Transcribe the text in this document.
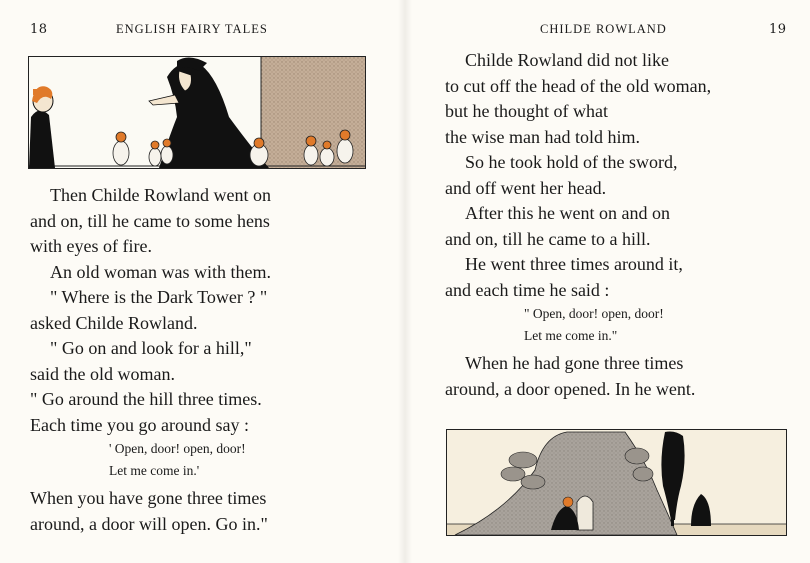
18	ENGLISH FAIRY TALES
Then Childe Rowland went on
and on, till he came to some hens
with eyes of fire.
An old woman was with them.
" Where is the Dark Tower ? "
asked Childe Rowland.
" Go on and look for a hill,"
said the old woman.
" Go around the hill three times.
Each time you go around say :
' Open, door! open, door!
Let me come in.'
When you have gone three times
around, a door will open. Go in."
CHILDE ROWLAND	19
Childe Rowland did not like
to cut off the head of the old woman,
but he thought of what
the wise man had told him.
So he took hold of the sword,
and off went her head.
After this he went on and on
and on, till he came to a hill.
He went three times around it,
and each time he said :
" Open, door! open, door!
Let me come in."
When he had gone three times
around, a door opened. In he went.
